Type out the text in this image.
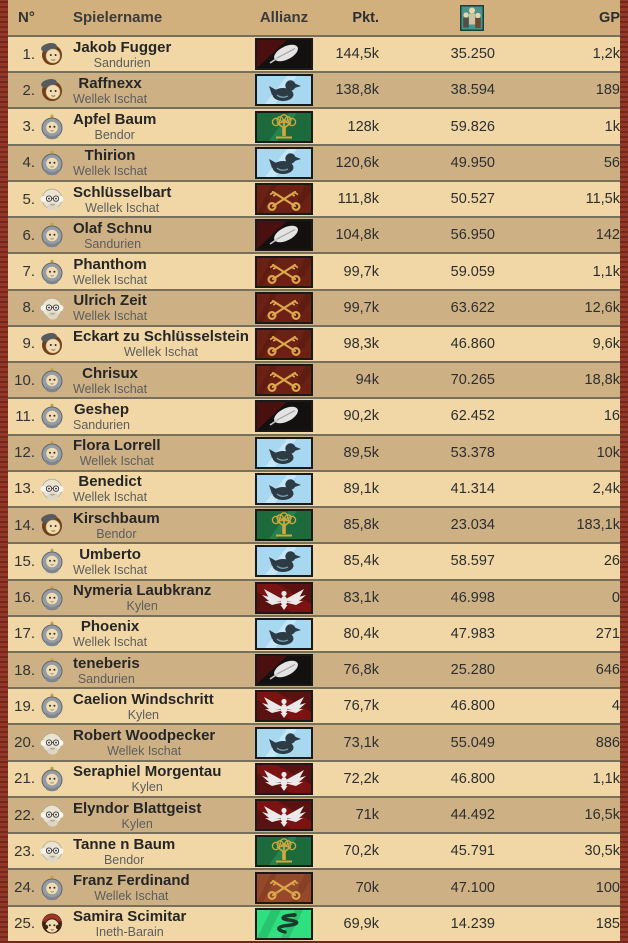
N°	Spielername	Allianz	Pkt.	GP
1.	Jakob Fugger
Sandurien
144,5k	35.250	1,2k
2.	Raffnexx
Wellek Ischat
138,8k	38.594	189
3.	Apfel Baum
Bendor
128k	59.826	1k
4.	Thirion
Wellek Ischat
120,6k	49.950	56
5.	Schlüsselbart
Wellek Ischat
111,8k	50.527	11,5k
6.	Olaf Schnu
Sandurien
104,8k	56.950	142
7.	Phanthom
Wellek Ischat
99,7k	59.059	1,1k
8.	Ulrich Zeit
Wellek Ischat
99,7k	63.622	12,6k
9.	Eckart zu Schlüsselstein
Wellek Ischat
98,3k	46.860	9,6k
10.	Chrisux
Wellek Ischat
94k	70.265	18,8k
11.	Geshep
Sandurien
90,2k	62.452	16
12.	Flora Lorrell
Wellek Ischat
89,5k	53.378	10k
13.	Benedict
Wellek Ischat
89,1k	41.314	2,4k
14.	Kirschbaum
Bendor
85,8k	23.034	183,1k
15.	Umberto
Wellek Ischat
85,4k	58.597	26
16.	Nymeria Laubkranz
Kylen
83,1k	46.998	0
17.	Phoenix
Wellek Ischat
80,4k	47.983	271
18.	teneberis
Sandurien
76,8k	25.280	646
19.	Caelion Windschritt
Kylen
76,7k	46.800	4
20.	Robert Woodpecker
Wellek Ischat
73,1k	55.049	886
21.	Seraphiel Morgentau
Kylen
72,2k	46.800	1,1k
22.	Elyndor Blattgeist
Kylen
71k	44.492	16,5k
23.	Tanne n Baum
Bendor
70,2k	45.791	30,5k
24.	Franz Ferdinand
Wellek Ischat
70k	47.100	100
25.	Samira Scimitar
Ineth-Barain
69,9k	14.239	185
